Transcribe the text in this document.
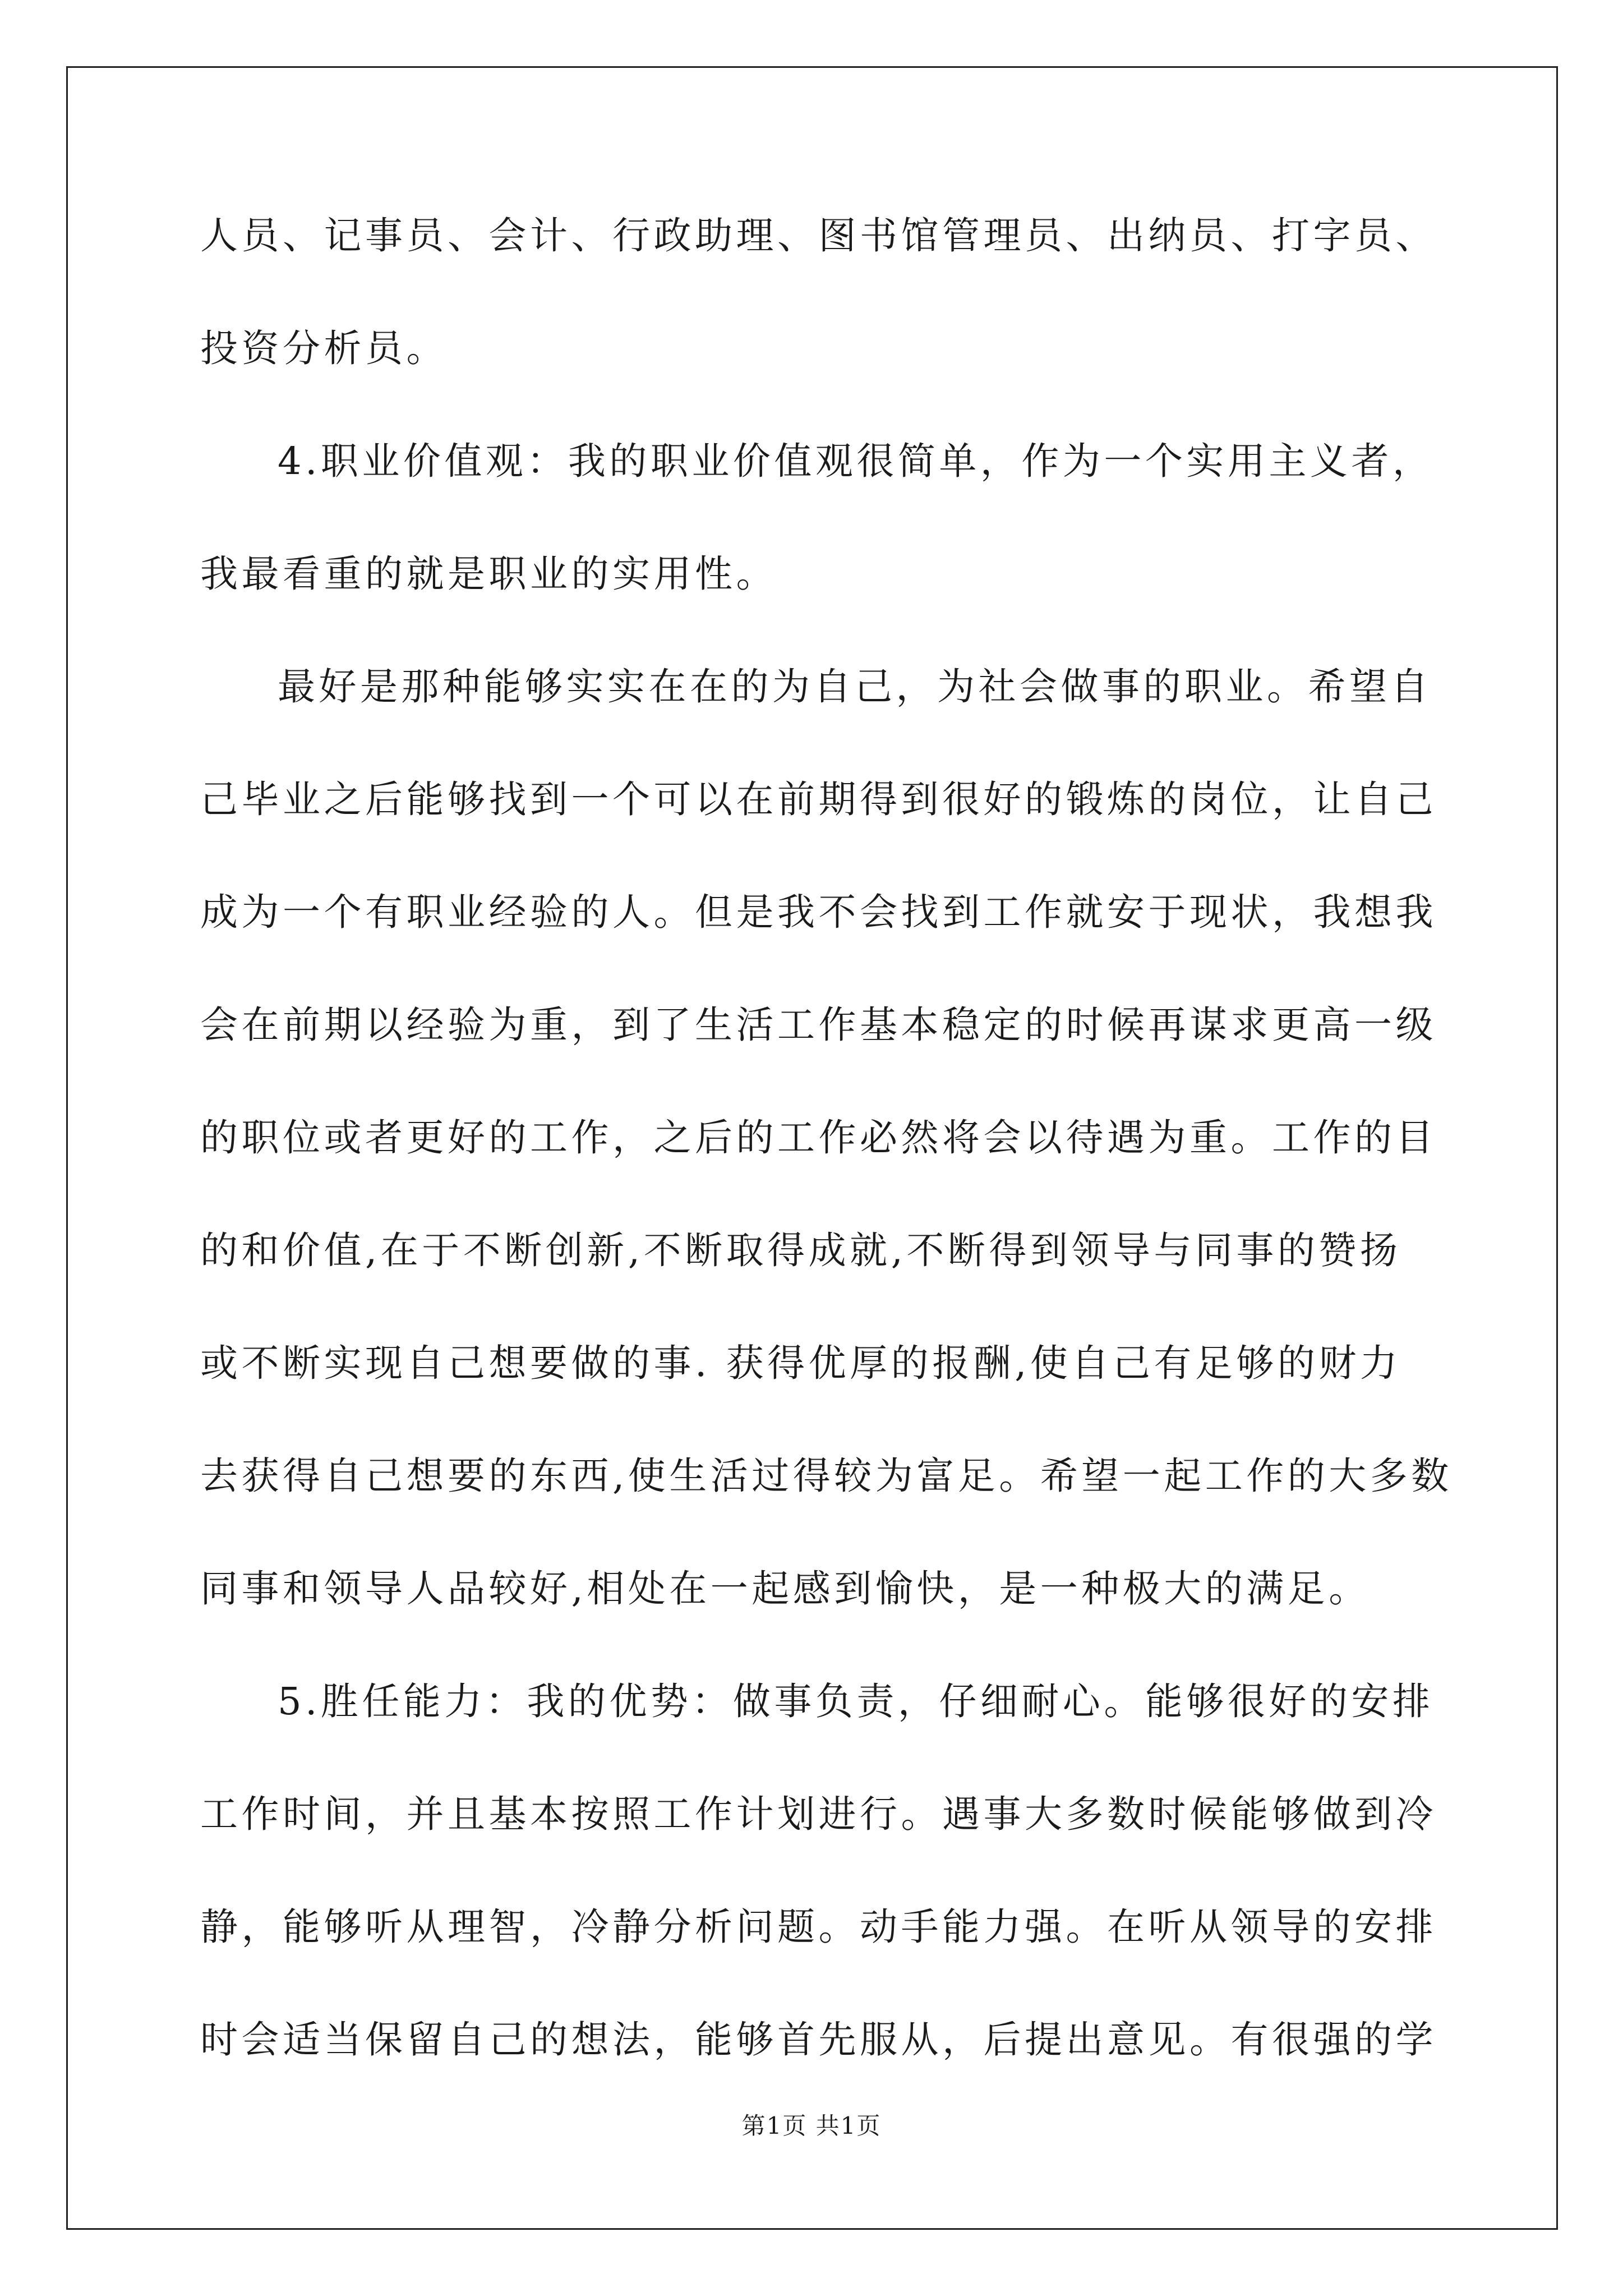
人员、记事员、会计、行政助理、图书馆管理员、出纳员、打字员、
投资分析员。
4.职业价值观：我的职业价值观很简单，作为一个实用主义者，
我最看重的就是职业的实用性。
最好是那种能够实实在在的为自己，为社会做事的职业。希望自
己毕业之后能够找到一个可以在前期得到很好的锻炼的岗位，让自己
成为一个有职业经验的人。但是我不会找到工作就安于现状，我想我
会在前期以经验为重，到了生活工作基本稳定的时候再谋求更高一级
的职位或者更好的工作，之后的工作必然将会以待遇为重。工作的目
的和价值,在于不断创新,不断取得成就,不断得到领导与同事的赞扬
或不断实现自己想要做的事. 获得优厚的报酬,使自己有足够的财力
去获得自己想要的东西,使生活过得较为富足。希望一起工作的大多数
同事和领导人品较好,相处在一起感到愉快，是一种极大的满足。
5.胜任能力：我的优势：做事负责，仔细耐心。能够很好的安排
工作时间，并且基本按照工作计划进行。遇事大多数时候能够做到冷
静，能够听从理智，冷静分析问题。动手能力强。在听从领导的安排
时会适当保留自己的想法，能够首先服从，后提出意见。有很强的学
第1页 共1页
